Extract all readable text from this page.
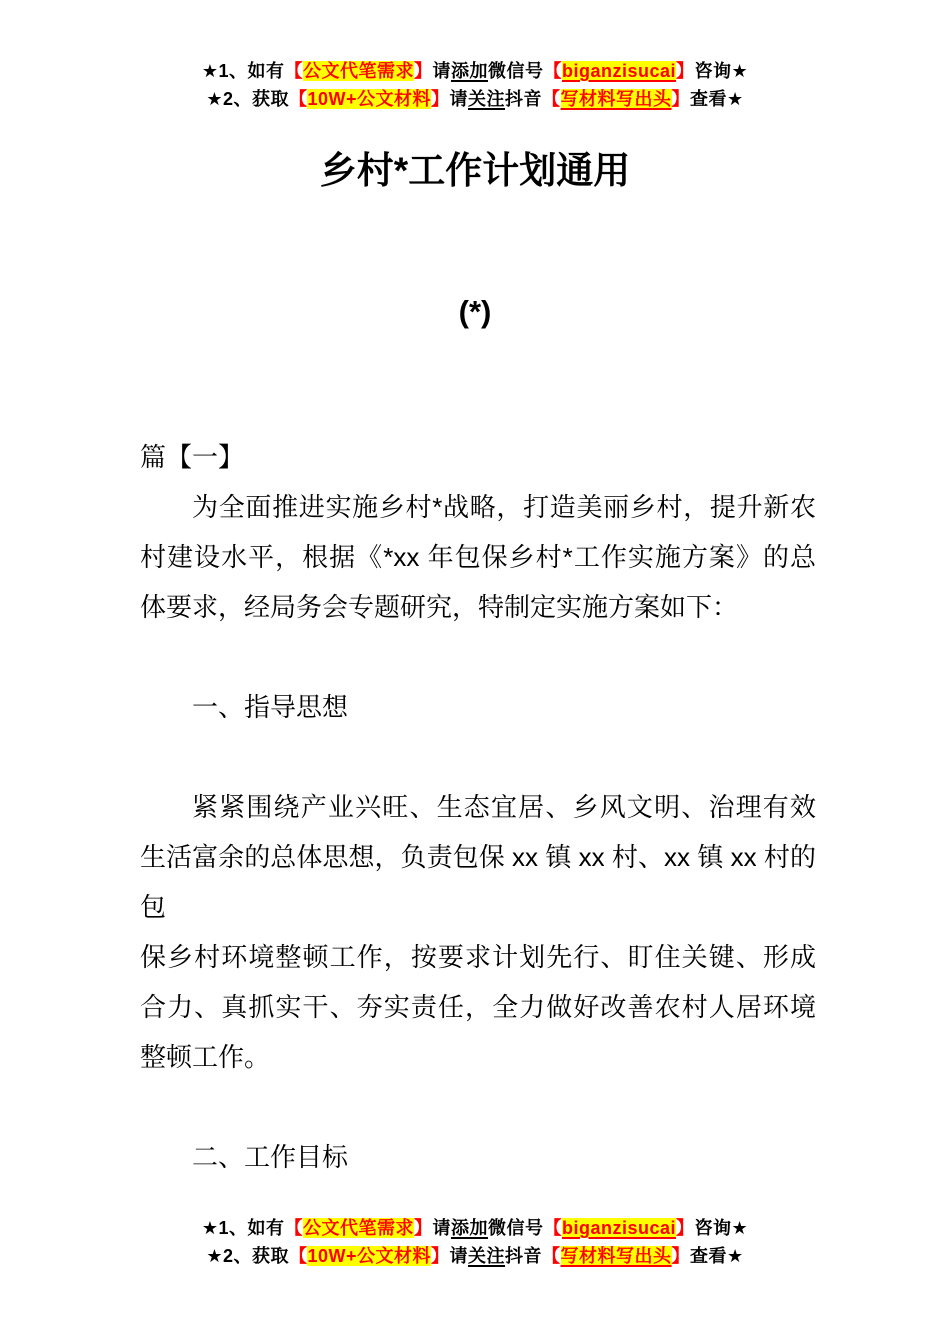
★1、如有【公文代笔需求】请添加微信号【biganzisucai】咨询★
★2、获取【10W+公文材料】请关注抖音【写材料写出头】查看★
乡村*工作计划通用
(*)
篇【一】
为全面推进实施乡村*战略，打造美丽乡村，提升新农
村建设水平，根据《*xx 年包保乡村*工作实施方案》的总
体要求，经局务会专题研究，特制定实施方案如下：

一、指导思想

紧紧围绕产业兴旺、生态宜居、乡风文明、治理有效
生活富余的总体思想，负责包保 xx 镇 xx 村、xx 镇 xx 村的包
保乡村环境整顿工作，按要求计划先行、盯住关键、形成
合力、真抓实干、夯实责任，全力做好改善农村人居环境
整顿工作。

二、工作目标
★1、如有【公文代笔需求】请添加微信号【biganzisucai】咨询★
★2、获取【10W+公文材料】请关注抖音【写材料写出头】查看★
